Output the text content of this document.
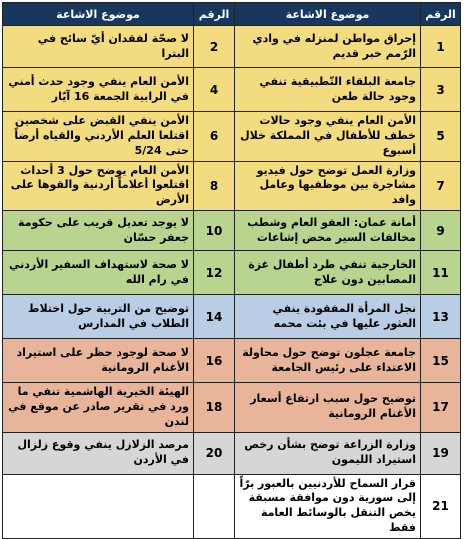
الرقم	موضوع الاشاعة	الرقم	موضوع الاشاعة
1	إحراق مواطن لمنزله في وادي الرّمم خبر قديم	2	لا صحّة لفقدان أيّ سائح في البترا
3	جامعة البلقاء التّطبيقية تنفي وجود حالة طعن	4	الأمن العام ينفي وجود حدث أمني في الرابية الجمعة 16 آيّار
5	الأمن العام ينفي وجود حالات خطف للأطفال في المملكة خلال أسبوع	6	الأمن ينفي القبض على شخصين اقتلعا العلم الأردني والقياه أرضاً حتى 5/24
7	وزارة العمل توضح حول فيديو مشاجرة بين موظفيها وعامل وافد	8	الأمن العام يوضح حول 3 أحداث اقتلعوا أعلاماً أردنية والقوها على الأرض
9	أمانة عمان: العفو العام وشطب مخالفات السير محض إشاعات	10	لا يوجد تعديل قريب على حكومة جعفر حسّان
11	الخارجية تنفي طرد أطفال غزة المصابين دون علاج	12	لا صحة لاستهداف السفير الأردني في رام الله
13	نجل المرأة المفقودة ينفي العثور عليها في بئت محمه	14	توضيح من التربية حول اختلاط الطلاب في المدارس
15	جامعة عجلون توضح حول محاولة الاعتداء على رئيس الجامعة	16	لا صحة لوجود حظر على استيراد الأغنام الرومانية
17	توضيح حول سبب ارتفاع أسعار الأغنام الرومانية	18	الهيئة الخيرية الهاشمية تنفي ما ورد في تقرير صادر عن موقع في لندن
19	وزارة الزراعة توضح بشأن رخص استيراد الليمون	20	مرصد الزلازل ينفي وقوع زلزال في الأردن
21	قرار السماح للأردنيين بالعبور برّاً إلى سورية دون موافقة مسبقة يخص التنقل بالوسائط العامة فقط		
